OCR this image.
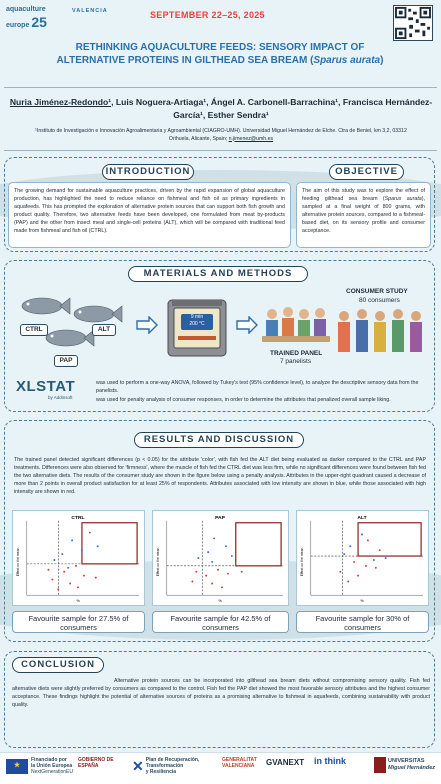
aquaculture
europe 25
VALENCIA	SEPTEMBER 22–25, 2025
RETHINKING AQUACULTURE FEEDS: SENSORY IMPACT OF
ALTERNATIVE PROTEINS IN GILTHEAD SEA BREAM (Sparus aurata)
Nuria Jiménez-Redondo¹, Luis Noguera-Artiaga¹, Ángel A. Carbonell-Barrachina¹, Francisca Hernández-
García¹, Esther Sendra¹
¹Instituto de Investigación e Innovación Agroalimentaria y Agroambiental (CIAGRO-UMH). Universidad Miguel Hernández de Elche. Ctra de Beniel, km 3,2, 03312
Orihuela, Alicante, Spain; n.jimenez@umh.es
INTRODUCTION	OBJECTIVE
The growing demand for sustainable aquaculture practices, driven by the rapid expansion of global aquaculture production, has highlighted the need to reduce reliance on fishmeal and fish oil as primary ingredients in aquafeeds. This has prompted the exploration of alternative protein sources that can support both fish growth and product quality. Therefore, two alternative feeds have been developed, one formulated from meat by-products (PAP) and the other from insect meal and single-cell proteins (ALT), which will be compared with traditional feed made from fishmeal and fish oil (CTRL).
The aim of this study was to explore the effect of feeding gilthead sea bream (Sparus aurata), sampled at a final weight of 800 grams, with alternative protein sources, compared to a fishmeal-based diet, on its sensory profile and consumer acceptance.
MATERIALS AND METHODS
CTRL	ALT
PAP
9 min
200 °C
TRAINED PANEL
7 panelists
CONSUMER STUDY
80 consumers
XLSTAT
by Addinsoft
was used to perform a one-way ANOVA, followed by Tukey's test (95% confidence level), to analyze the descriptive sensory data from the panelists.
was used for penalty analysis of consumer responses, in order to determine the attributes that penalized overall sample liking.
RESULTS AND DISCUSSION
The trained panel detected significant differences (p < 0.05) for the attribute 'color', with fish fed the ALT diet being evaluated as darker compared to the CTRL and PAP treatments. Differences were also observed for 'firmness', where the muscle of fish fed the CTRL diet was less firm, while no significant differences were found between fish fed the two alternative diets. The results of the consumer study are shown in the figure below using a penalty analysis. Attributes in the upper-right quadrant caused a decrease of more than 2 points in overall product satisfaction for at least 25% of respondents. Attributes associated with low intensity are shown in blue, while those associated with high intensity are shown in red.
CTRL
Effect on the mean
%
PAP
Effect on the mean
%
ALT
Effect on the mean
%
Favourite sample for 27.5% of consumers
Favourite sample for 42.5% of consumers
Favourite sample for 30% of consumers
CONCLUSION
Alternative protein sources can be incorporated into gilthead sea bream diets without compromising sensory quality. Fish fed alternative diets were slightly preferred by consumers as compared to the control. Fish fed the PAP diet showed the most favorable sensory attributes and the highest consumer acceptance. These findings highlight the potential of alternative sources of proteins as a promising alternative to fishmeal in aquafeeds, combining sustainability with product quality.
★
Financiado por
la Unión Europea
NextGenerationEU
GOBIERNO DE ESPAÑA	✕ Plan de Recuperación,
Transformación
y Resiliencia
GENERALITAT VALENCIANA	GVANEXT in think	UNIVERSITAS
Miguel Hernández
